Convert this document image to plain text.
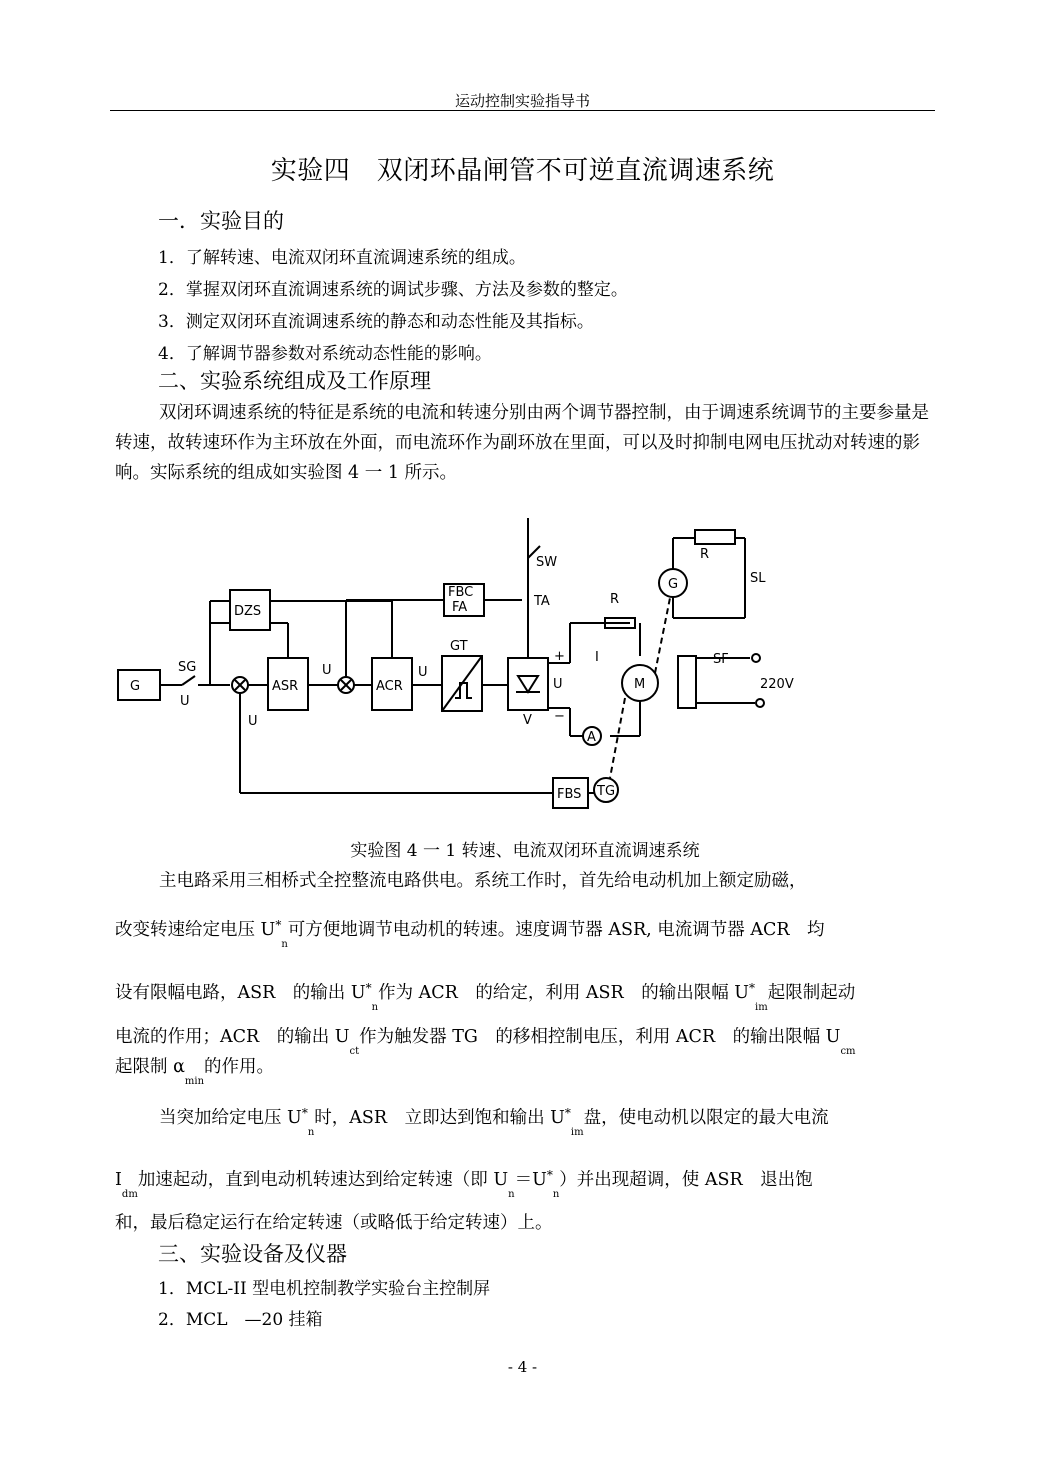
运动控制实验指导书
实验四　双闭环晶闸管不可逆直流调速系统
一．实验目的
1．了解转速、电流双闭环直流调速系统的组成。
2．掌握双闭环直流调速系统的调试步骤、方法及参数的整定。
3．测定双闭环直流调速系统的静态和动态性能及其指标。
4．了解调节器参数对系统动态性能的影响。
二、实验系统组成及工作原理
双闭环调速系统的特征是系统的电流和转速分别由两个调节器控制，由于调速系统调节的主要参量是转速，故转速环作为主环放在外面，而电流环作为副环放在里面，可以及时抑制电网电压扰动对转速的影响。实际系统的组成如实验图 4 一 1 所示。
G
SG
U
DZS
ASR	ACR
FBC
FA
GT
V
SW
TA	R
I
U	M
A
FBS TG
G
R
SL
SF
220V
U	U
U
+
−
实验图 4 一 1 转速、电流双闭环直流调速系统
主电路采用三相桥式全控整流电路供电。系统工作时，首先给电动机加上额定励磁，
改变转速给定电压 $U^*_n$可方便地调节电动机的转速。速度调节器 ASR, 电流调节器 ACR　均
设有限幅电路，ASR　的输出 $U^*_n$作为 ACR　的给定，利用 ASR　的输出限幅 $U^*_{im}$起限制起动
电流的作用；ACR　的输出 $U_{ct}$作为触发器 TG　的移相控制电压，利用 ACR　的输出限幅 $U_{cm}$
起限制 $\alpha_{min}$的作用。
当突加给定电压 $U^*_n$时，ASR　立即达到饱和输出 $U^*_{im}$盘，使电动机以限定的最大电流
$I_{dm}$加速起动，直到电动机转速达到给定转速（即 $U_n=U^*_n$）并出现超调，使 ASR　退出饱
和，最后稳定运行在给定转速（或略低于给定转速）上。
三、实验设备及仪器
1．MCL-II 型电机控制教学实验台主控制屏
2．MCL　—20 挂箱
- 4 -
